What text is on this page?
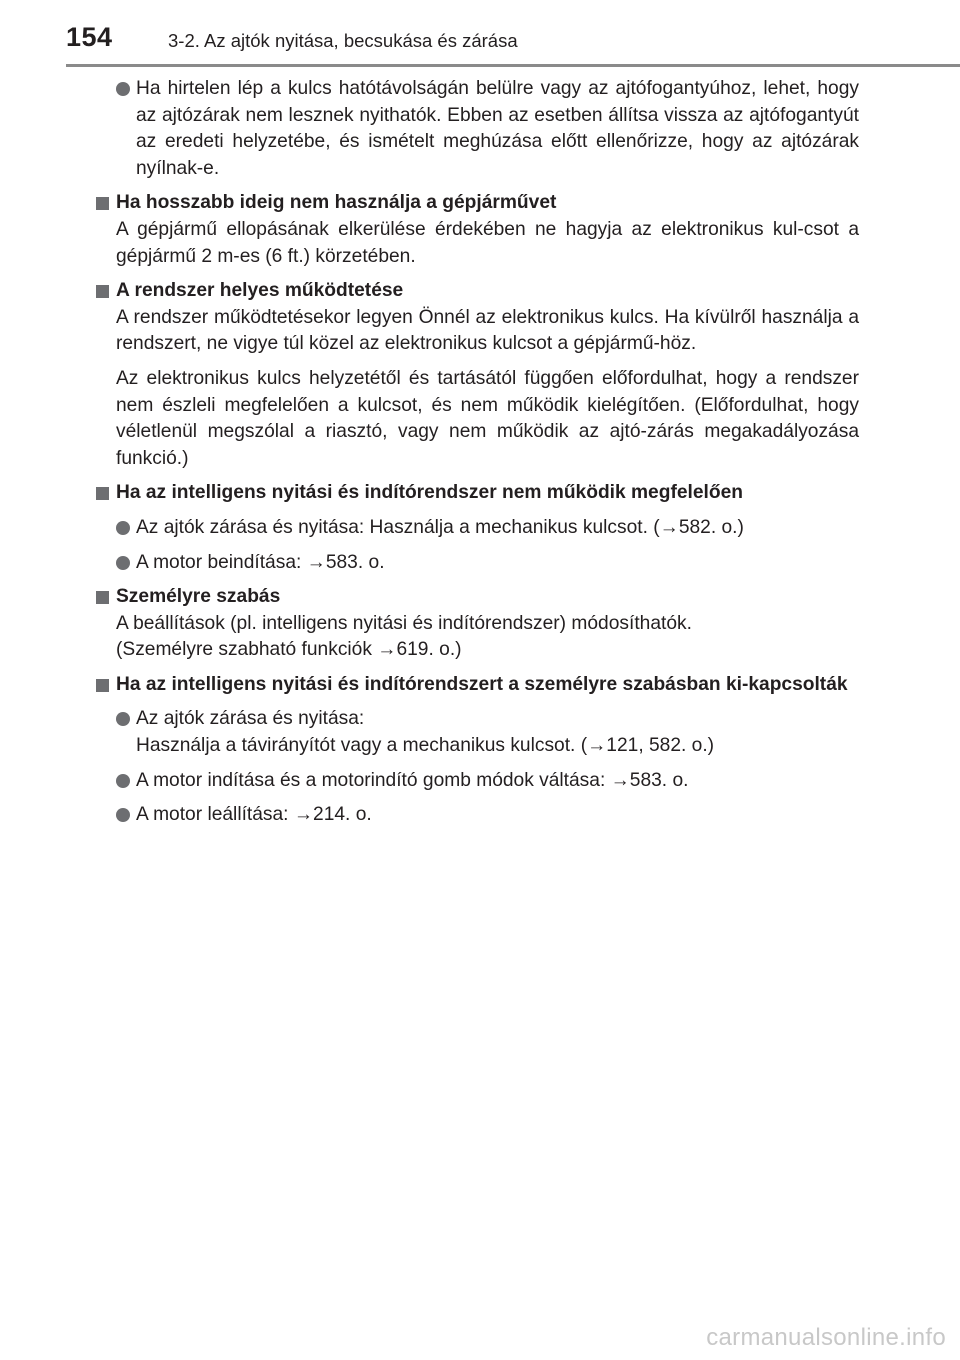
154	3-2. Az ajtók nyitása, becsukása és zárása
Ha hirtelen lép a kulcs hatótávolságán belülre vagy az ajtófogantyúhoz, lehet, hogy az ajtózárak nem lesznek nyithatók. Ebben az esetben állítsa vissza az ajtófogantyút az eredeti helyzetébe, és ismételt meghúzása előtt ellenőrizze, hogy az ajtózárak nyílnak-e.
Ha hosszabb ideig nem használja a gépjárművet
A gépjármű ellopásának elkerülése érdekében ne hagyja az elektronikus kul-csot a gépjármű 2 m-es (6 ft.) körzetében.
A rendszer helyes működtetése
A rendszer működtetésekor legyen Önnél az elektronikus kulcs. Ha kívülről használja a rendszert, ne vigye túl közel az elektronikus kulcsot a gépjármű-höz.
Az elektronikus kulcs helyzetétől és tartásától függően előfordulhat, hogy a rendszer nem észleli megfelelően a kulcsot, és nem működik kielégítően. (Előfordulhat, hogy véletlenül megszólal a riasztó, vagy nem működik az ajtó-zárás megakadályozása funkció.)
Ha az intelligens nyitási és indítórendszer nem működik megfelelően
Az ajtók zárása és nyitása: Használja a mechanikus kulcsot. (→582. o.)
A motor beindítása: →583. o.
Személyre szabás
A beállítások (pl. intelligens nyitási és indítórendszer) módosíthatók.
(Személyre szabható funkciók →619. o.)
Ha az intelligens nyitási és indítórendszert a személyre szabásban ki-kapcsolták
Az ajtók zárása és nyitása:
Használja a távirányítót vagy a mechanikus kulcsot. (→121, 582. o.)
A motor indítása és a motorindító gomb módok váltása: →583. o.
A motor leállítása: →214. o.
carmanualsonline.info
